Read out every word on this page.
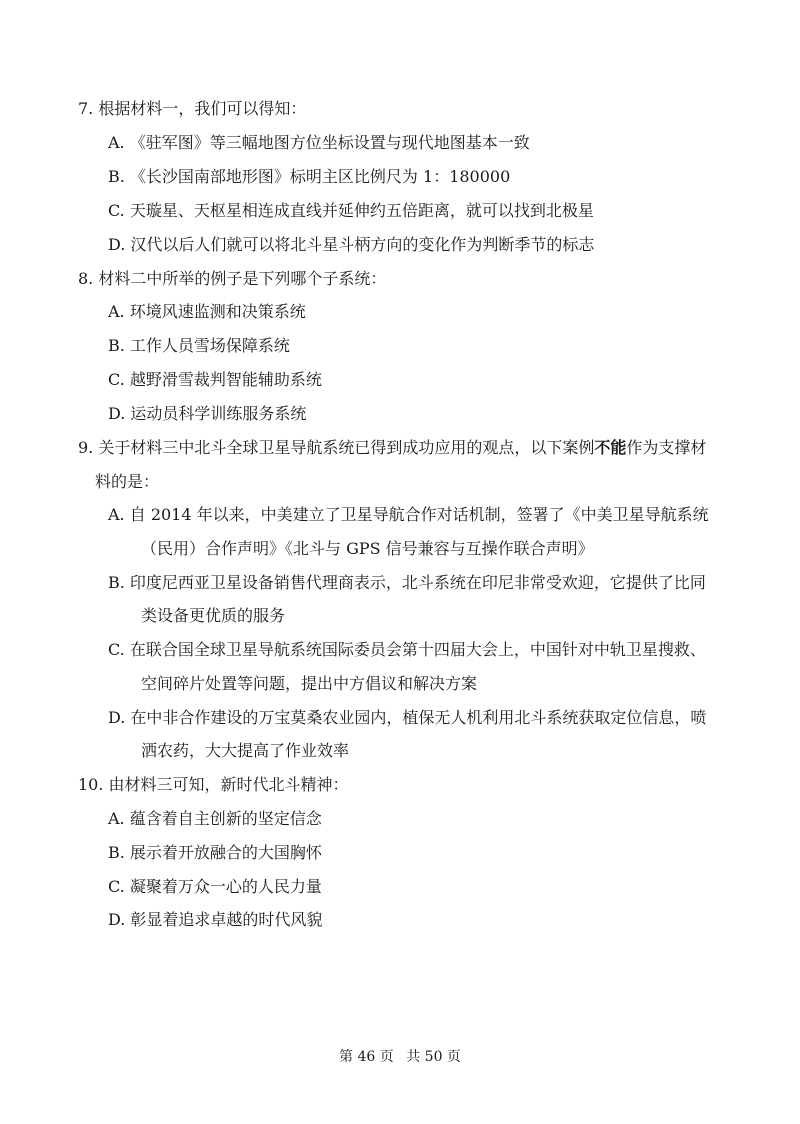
7. 根据材料一，我们可以得知：
A. 《驻军图》等三幅地图方位坐标设置与现代地图基本一致
B. 《长沙国南部地形图》标明主区比例尺为 1：180000
C. 天璇星、天枢星相连成直线并延伸约五倍距离，就可以找到北极星
D. 汉代以后人们就可以将北斗星斗柄方向的变化作为判断季节的标志
8. 材料二中所举的例子是下列哪个子系统：
A. 环境风速监测和决策系统
B. 工作人员雪场保障系统
C. 越野滑雪裁判智能辅助系统
D. 运动员科学训练服务系统
9. 关于材料三中北斗全球卫星导航系统已得到成功应用的观点，以下案例不能作为支撑材
料的是：
A. 自 2014 年以来，中美建立了卫星导航合作对话机制，签署了《中美卫星导航系统
（民用）合作声明》《北斗与 GPS 信号兼容与互操作联合声明》
B. 印度尼西亚卫星设备销售代理商表示，北斗系统在印尼非常受欢迎，它提供了比同
类设备更优质的服务
C. 在联合国全球卫星导航系统国际委员会第十四届大会上，中国针对中轨卫星搜救、
空间碎片处置等问题，提出中方倡议和解决方案
D. 在中非合作建设的万宝莫桑农业园内，植保无人机利用北斗系统获取定位信息，喷
洒农药，大大提高了作业效率
10. 由材料三可知，新时代北斗精神：
A. 蕴含着自主创新的坚定信念
B. 展示着开放融合的大国胸怀
C. 凝聚着万众一心的人民力量
D. 彰显着追求卓越的时代风貌
第 46 页 共 50 页
